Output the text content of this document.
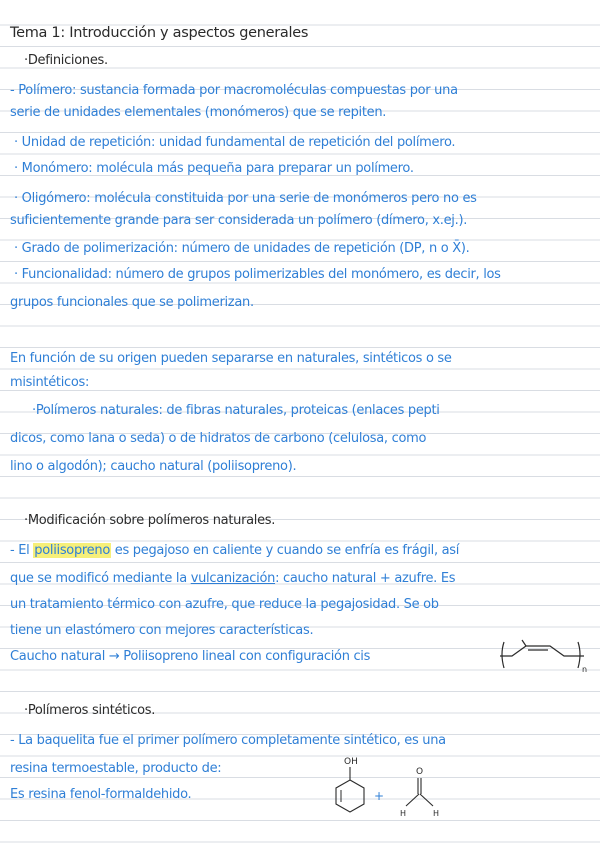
Tema 1: Introducción y aspectos generales
·Definiciones.
- Polímero: sustancia formada por macromoléculas compuestas por una
serie de unidades elementales (monómeros) que se repiten.
· Unidad de repetición: unidad fundamental de repetición del polímero.
· Monómero: molécula más pequeña para preparar un polímero.
· Oligómero: molécula constituida por una serie de monómeros pero no es
suficientemente grande para ser considerada un polímero (dímero, x.ej.).
· Grado de polimerización: número de unidades de repetición (DP, n o X̄).
· Funcionalidad: número de grupos polimerizables del monómero, es decir, los
grupos funcionales que se polimerizan.
En función de su origen pueden separarse en naturales, sintéticos o se
misintéticos:
·Polímeros naturales: de fibras naturales, proteicas (enlaces pepti
dicos, como lana o seda) o de hidratos de carbono (celulosa, como
lino o algodón); caucho natural (poliisopreno).
·Modificación sobre polímeros naturales.
- El poliisopreno es pegajoso en caliente y cuando se enfría es frágil, así
que se modificó mediante la vulcanización: caucho natural + azufre. Es
un tratamiento térmico con azufre, que reduce la pegajosidad. Se ob
tiene un elastómero con mejores características.
Caucho natural → Poliisopreno lineal con configuración cis
n
·Polímeros sintéticos.
- La baquelita fue el primer polímero completamente sintético, es una
resina termoestable, producto de:
Es resina fenol-formaldehido.
OH
+
O
H	H
